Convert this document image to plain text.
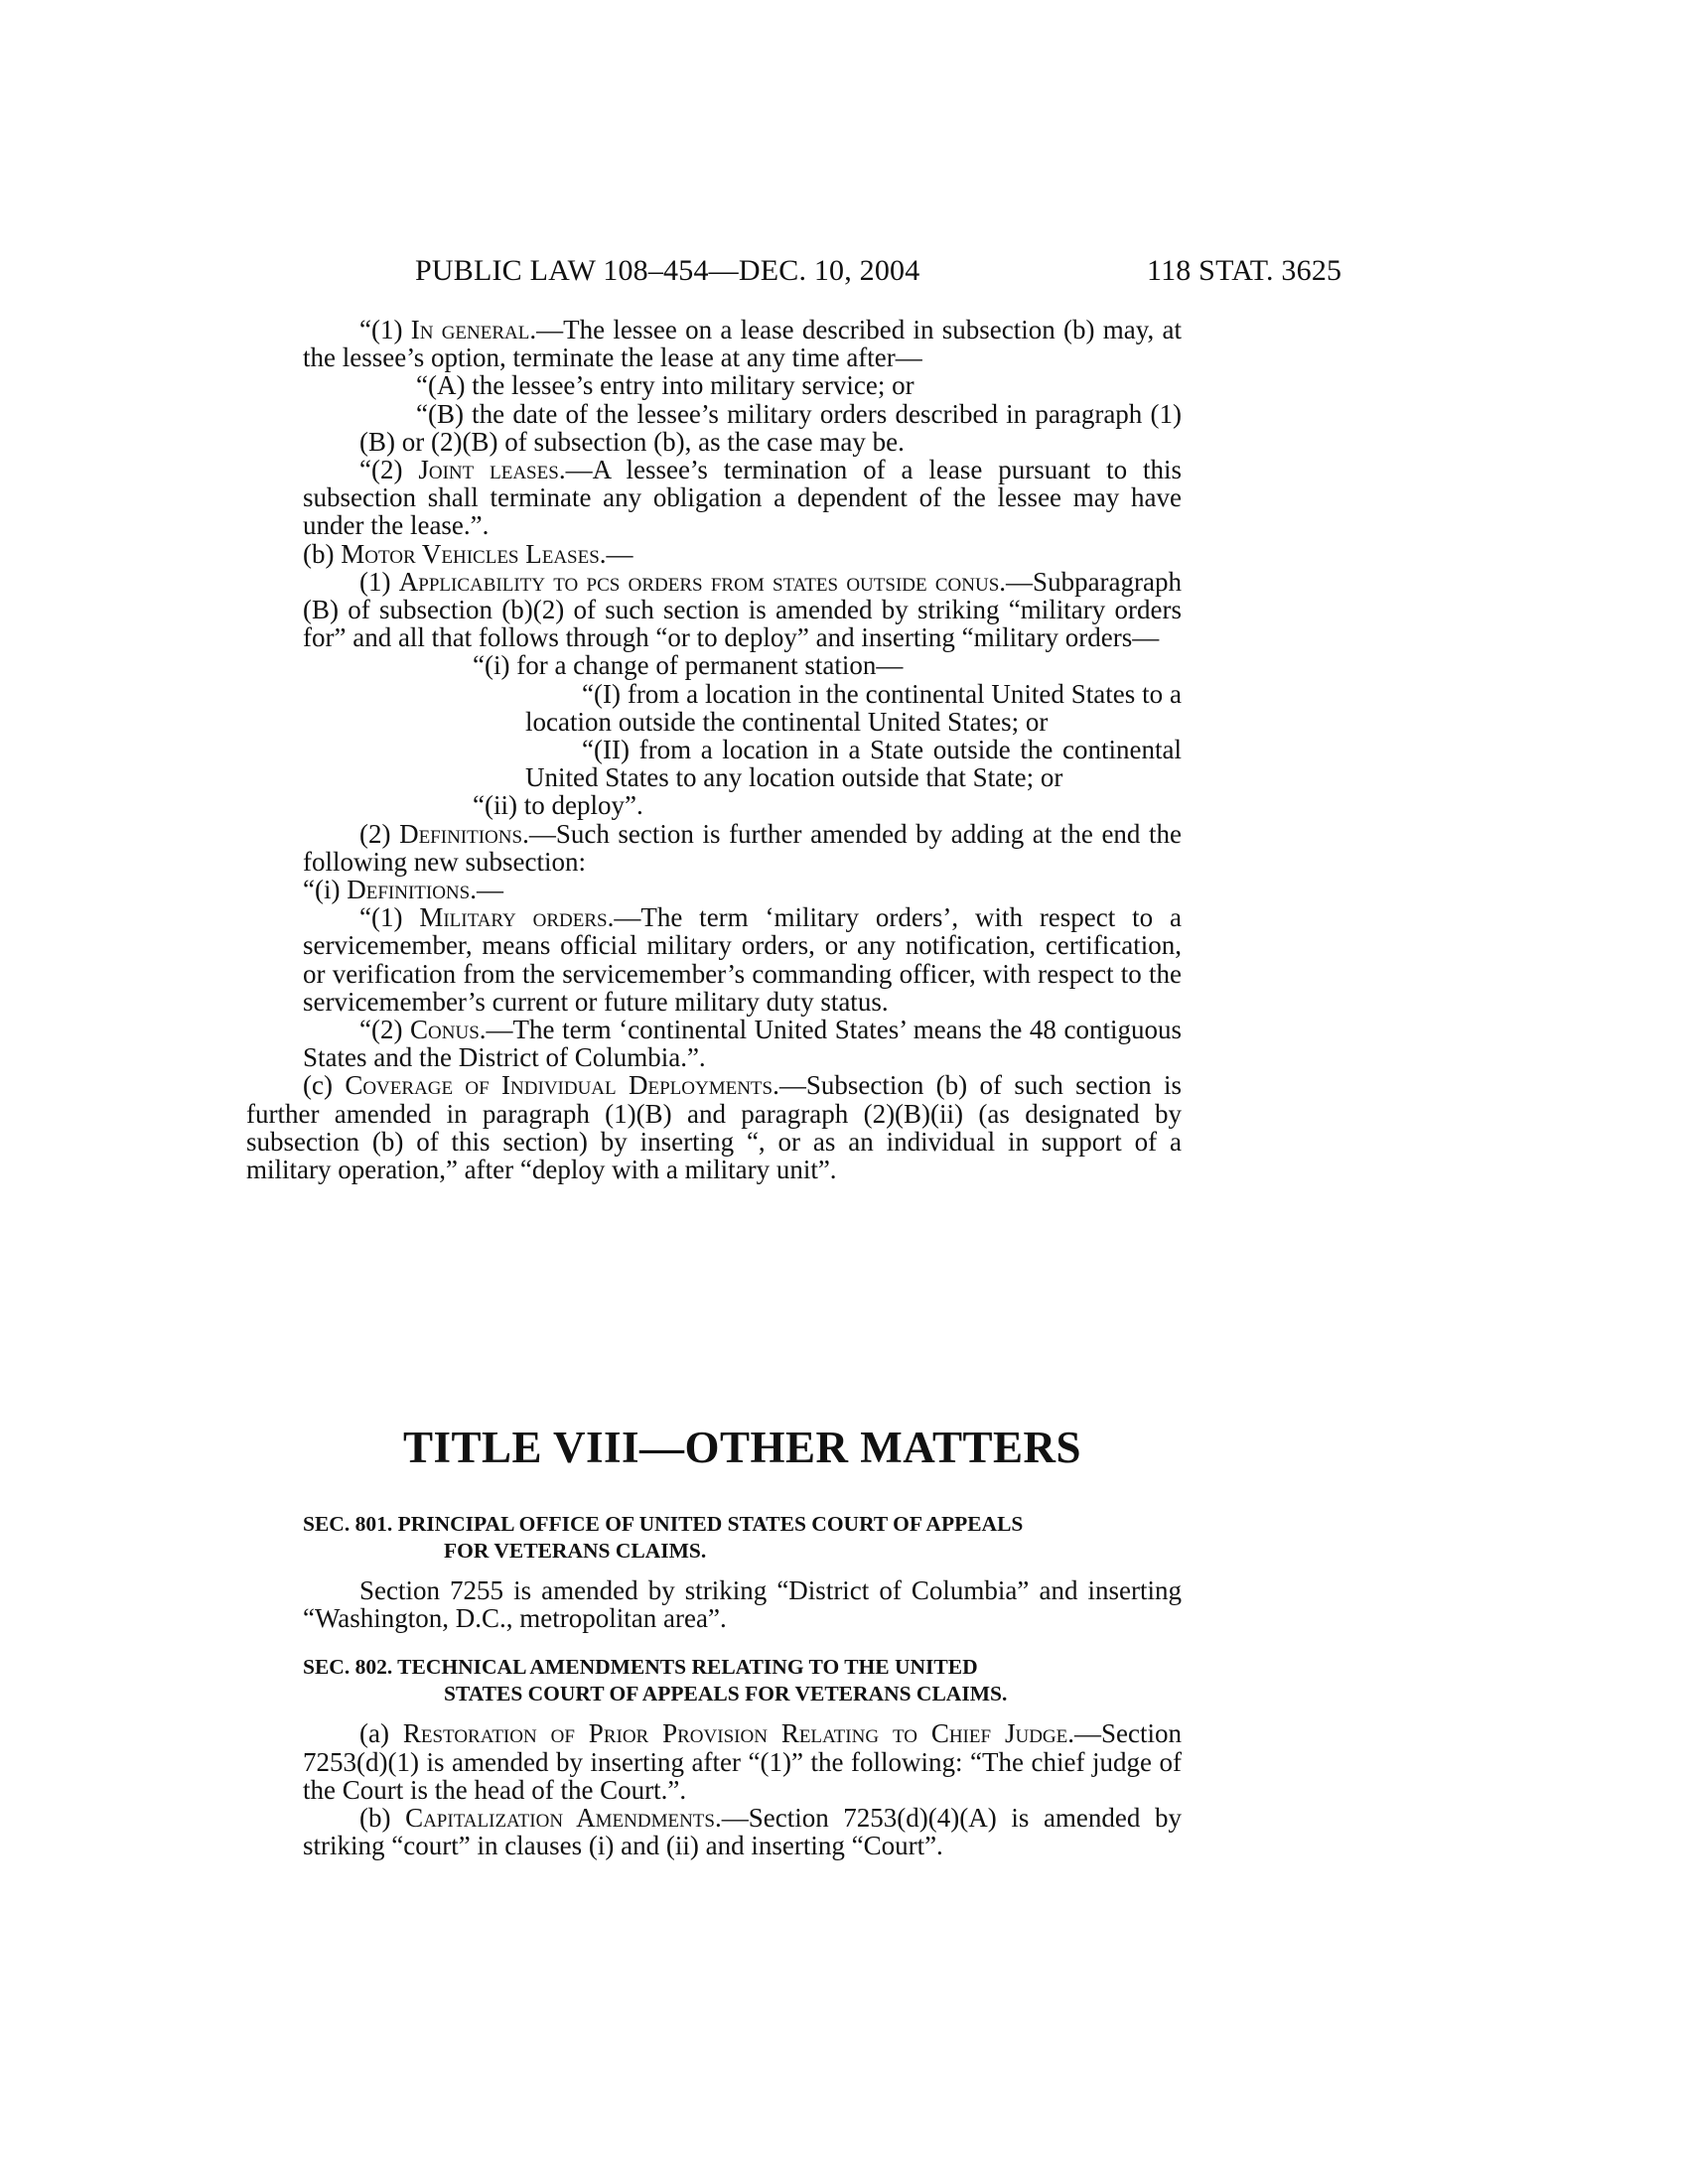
PUBLIC LAW 108–454—DEC. 10, 2004	118 STAT. 3625

“(1) In general.—The lessee on a lease described in subsection (b) may, at the lessee’s option, terminate the lease at any time after—

“(A) the lessee’s entry into military service; or

“(B) the date of the lessee’s military orders described in paragraph (1)(B) or (2)(B) of subsection (b), as the case may be.

“(2) Joint leases.—A lessee’s termination of a lease pursuant to this subsection shall terminate any obligation a dependent of the lessee may have under the lease.”.

(b) Motor Vehicles Leases.—

(1) Applicability to pcs orders from states outside conus.—Subparagraph (B) of subsection (b)(2) of such section is amended by striking “military orders for” and all that follows through “or to deploy” and inserting “military orders—

“(i) for a change of permanent station—

“(I) from a location in the continental United States to a location outside the continental United States; or

“(II) from a location in a State outside the continental United States to any location outside that State; or

“(ii) to deploy”.

(2) Definitions.—Such section is further amended by adding at the end the following new subsection:

“(i) Definitions.—

“(1) Military orders.—The term ‘military orders’, with respect to a servicemember, means official military orders, or any notification, certification, or verification from the servicemember’s commanding officer, with respect to the servicemember’s current or future military duty status.

“(2) Conus.—The term ‘continental United States’ means the 48 contiguous States and the District of Columbia.”.

(c) Coverage of Individual Deployments.—Subsection (b) of such section is further amended in paragraph (1)(B) and paragraph (2)(B)(ii) (as designated by subsection (b) of this section) by inserting “, or as an individual in support of a military operation,” after “deploy with a military unit”.

TITLE VIII—OTHER MATTERS
SEC. 801. PRINCIPAL OFFICE OF UNITED STATES COURT OF APPEALS
FOR VETERANS CLAIMS.

Section 7255 is amended by striking “District of Columbia” and inserting “Washington, D.C., metropolitan area”.

SEC. 802. TECHNICAL AMENDMENTS RELATING TO THE UNITED
STATES COURT OF APPEALS FOR VETERANS CLAIMS.

(a) Restoration of Prior Provision Relating to Chief Judge.—Section 7253(d)(1) is amended by inserting after “(1)” the following: “The chief judge of the Court is the head of the Court.”.

(b) Capitalization Amendments.—Section 7253(d)(4)(A) is amended by striking “court” in clauses (i) and (ii) and inserting “Court”.
